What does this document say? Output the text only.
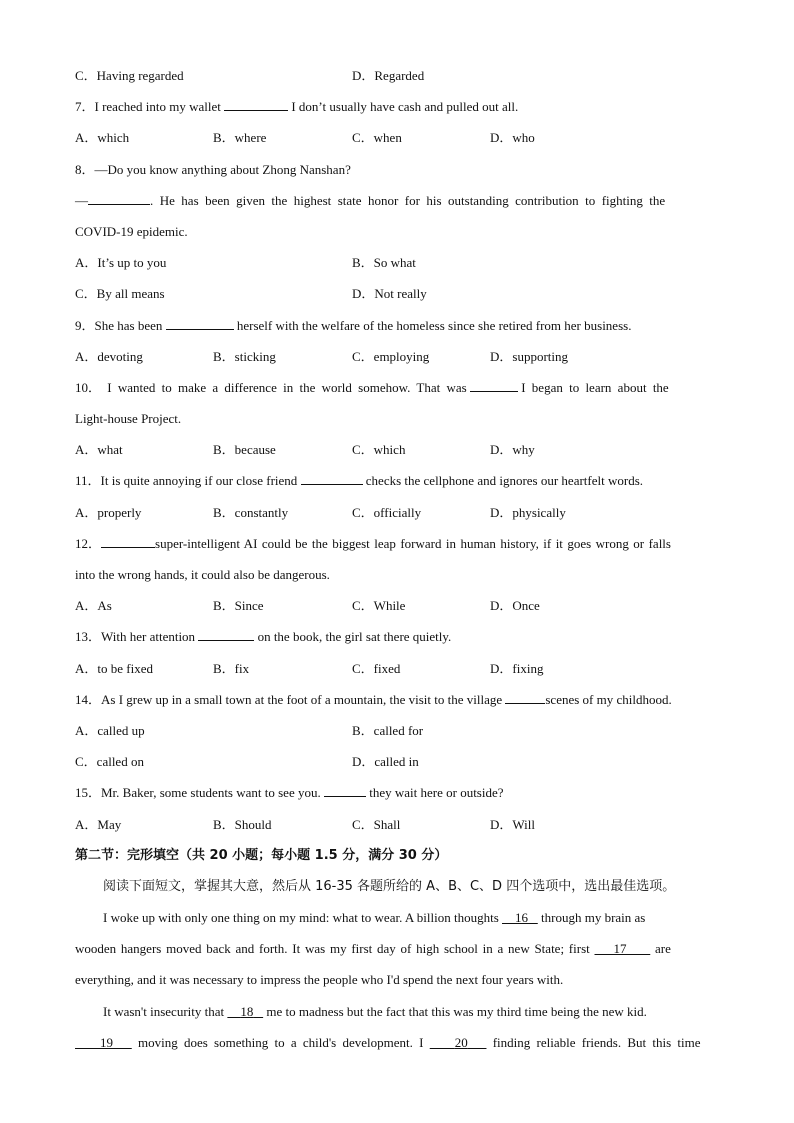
C．Having regarded	D．Regarded
7．I reached into my wallet	I don’t usually have cash and pulled out all.
A．which	B．where	C．when	D．who
8．—Do you know anything about Zhong Nanshan?
—	. He has been given the highest state honor for his outstanding contribution to fighting the
COVID-19 epidemic.
A．It’s up to you	B．So what
C．By all means	D．Not really
9．She has been	herself with the welfare of the homeless since she retired from her business.
A．devoting	B．sticking	C．employing	D．supporting
10． I wanted to make a difference in the world somehow. That was	I began to learn about the
Light-house Project.
A．what	B．because	C．which	D．why
11．It is quite annoying if our close friend	checks the cellphone and ignores our heartfelt words.
A．properly	B．constantly	C．officially	D．physically
12．	super-intelligent AI could be the biggest leap forward in human history, if it goes wrong or falls
into the wrong hands, it could also be dangerous.
A．As	B．Since	C．While	D．Once
13．With her attention	on the book, the girl sat there quietly.
A．to be fixed	B．fix	C．fixed	D．fixing
14．As I grew up in a small town at the foot of a mountain, the visit to the village	scenes of my childhood.
A．called up	B．called for
C．called on	D．called in
15．Mr. Baker, some students want to see you.	they wait here or outside?
A．May	B．Should	C．Shall	D．Will
第二节：完形填空（共 20 小题；每小题 1.5 分，满分 30 分）
阅读下面短文，掌握其大意，然后从 16-35 各题所给的 A、B、C、D 四个选项中，选出最佳选项。
I woke up with only one thing on my mind: what to wear. A billion thoughts     16    through my brain as
wooden hangers moved back and forth. It was my first day of high school in a new State; first     17      are
everything, and it was necessary to impress the people who I'd spend the next four years with.
It wasn't insecurity that     18    me to madness but the fact that this was my third time being the new kid.
19    moving does something to a child's development. I     20    finding reliable friends. But this time
